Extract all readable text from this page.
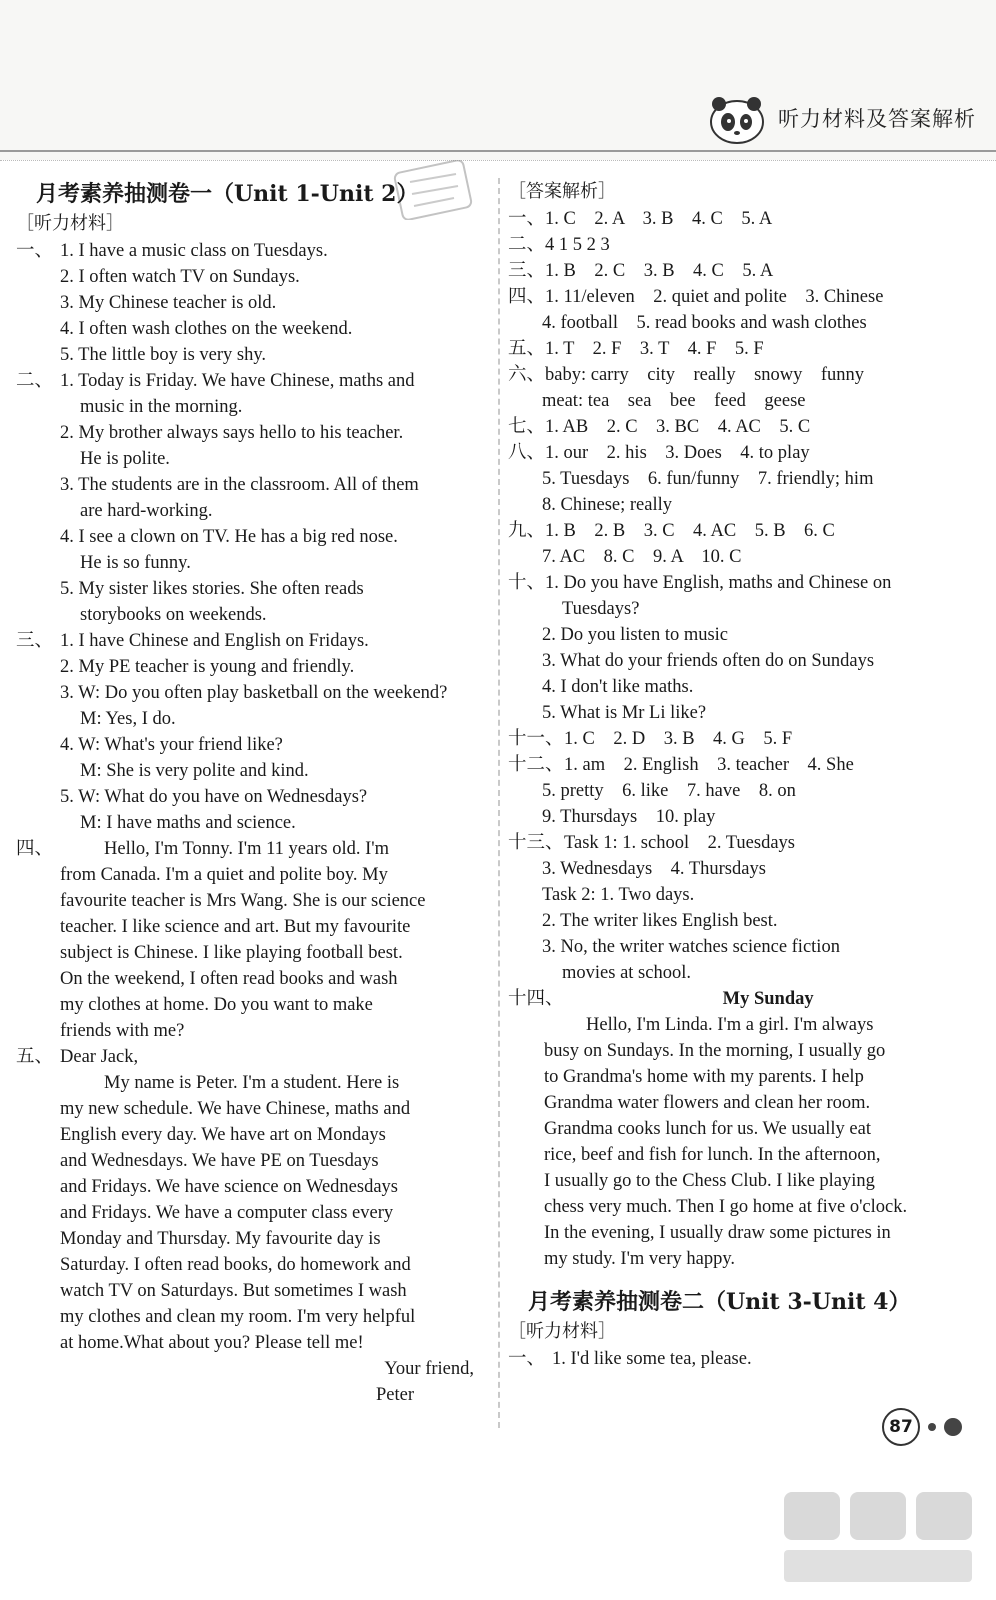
听力材料及答案解析
月考素养抽测卷一（Unit 1-Unit 2）
［听力材料］
一、 1. I have a music class on Tuesdays.
2. I often watch TV on Sundays.
3. My Chinese teacher is old.
4. I often wash clothes on the weekend.
5. The little boy is very shy.
二、 1. Today is Friday. We have Chinese, maths and
music in the morning.
2. My brother always says hello to his teacher.
He is polite.
3. The students are in the classroom. All of them
are hard-working.
4. I see a clown on TV. He has a big red nose.
He is so funny.
5. My sister likes stories. She often reads
storybooks on weekends.
三、 1. I have Chinese and English on Fridays.
2. My PE teacher is young and friendly.
3. W: Do you often play basketball on the weekend?
M: Yes, I do.
4. W: What's your friend like?
M: She is very polite and kind.
5. W: What do you have on Wednesdays?
M: I have maths and science.
四、	Hello, I'm Tonny. I'm 11 years old. I'm
from Canada. I'm a quiet and polite boy. My
favourite teacher is Mrs Wang. She is our science
teacher. I like science and art. But my favourite
subject is Chinese. I like playing football best.
On the weekend, I often read books and wash
my clothes at home. Do you want to make
friends with me?
五、 Dear Jack,
My name is Peter. I'm a student. Here is
my new schedule. We have Chinese, maths and
English every day. We have art on Mondays
and Wednesdays. We have PE on Tuesdays
and Fridays. We have science on Wednesdays
and Fridays. We have a computer class every
Monday and Thursday. My favourite day is
Saturday. I often read books, do homework and
watch TV on Saturdays. But sometimes I wash
my clothes and clean my room. I'm very helpful
at home.What about you? Please tell me!
Your friend,
Peter
［答案解析］
一、1. C　2. A　3. B　4. C　5. A
二、4 1 5 2 3
三、1. B　2. C　3. B　4. C　5. A
四、1. 11/eleven　2. quiet and polite　3. Chinese
4. football　5. read books and wash clothes
五、1. T　2. F　3. T　4. F　5. F
六、baby: carry　city　really　snowy　funny
meat: tea　sea　bee　feed　geese
七、1. AB　2. C　3. BC　4. AC　5. C
八、1. our　2. his　3. Does　4. to play
5. Tuesdays　6. fun/funny　7. friendly; him
8. Chinese; really
九、1. B　2. B　3. C　4. AC　5. B　6. C
7. AC　8. C　9. A　10. C
十、1. Do you have English, maths and Chinese on
Tuesdays?
2. Do you listen to music
3. What do your friends often do on Sundays
4. I don't like maths.
5. What is Mr Li like?
十一、1. C　2. D　3. B　4. G　5. F
十二、1. am　2. English　3. teacher　4. She
5. pretty　6. like　7. have　8. on
9. Thursdays　10. play
十三、Task 1: 1. school　2. Tuesdays
3. Wednesdays　4. Thursdays
Task 2: 1. Two days.
2. The writer likes English best.
3. No, the writer watches science fiction
movies at school.
十四、	My Sunday
Hello, I'm Linda. I'm a girl. I'm always
busy on Sundays. In the morning, I usually go
to Grandma's home with my parents. I help
Grandma water flowers and clean her room.
Grandma cooks lunch for us. We usually eat
rice, beef and fish for lunch. In the afternoon,
I usually go to the Chess Club. I like playing
chess very much. Then I go home at five o'clock.
In the evening, I usually draw some pictures in
my study. I'm very happy.
月考素养抽测卷二（Unit 3-Unit 4）
［听力材料］
一、 1. I'd like some tea, please.
87
